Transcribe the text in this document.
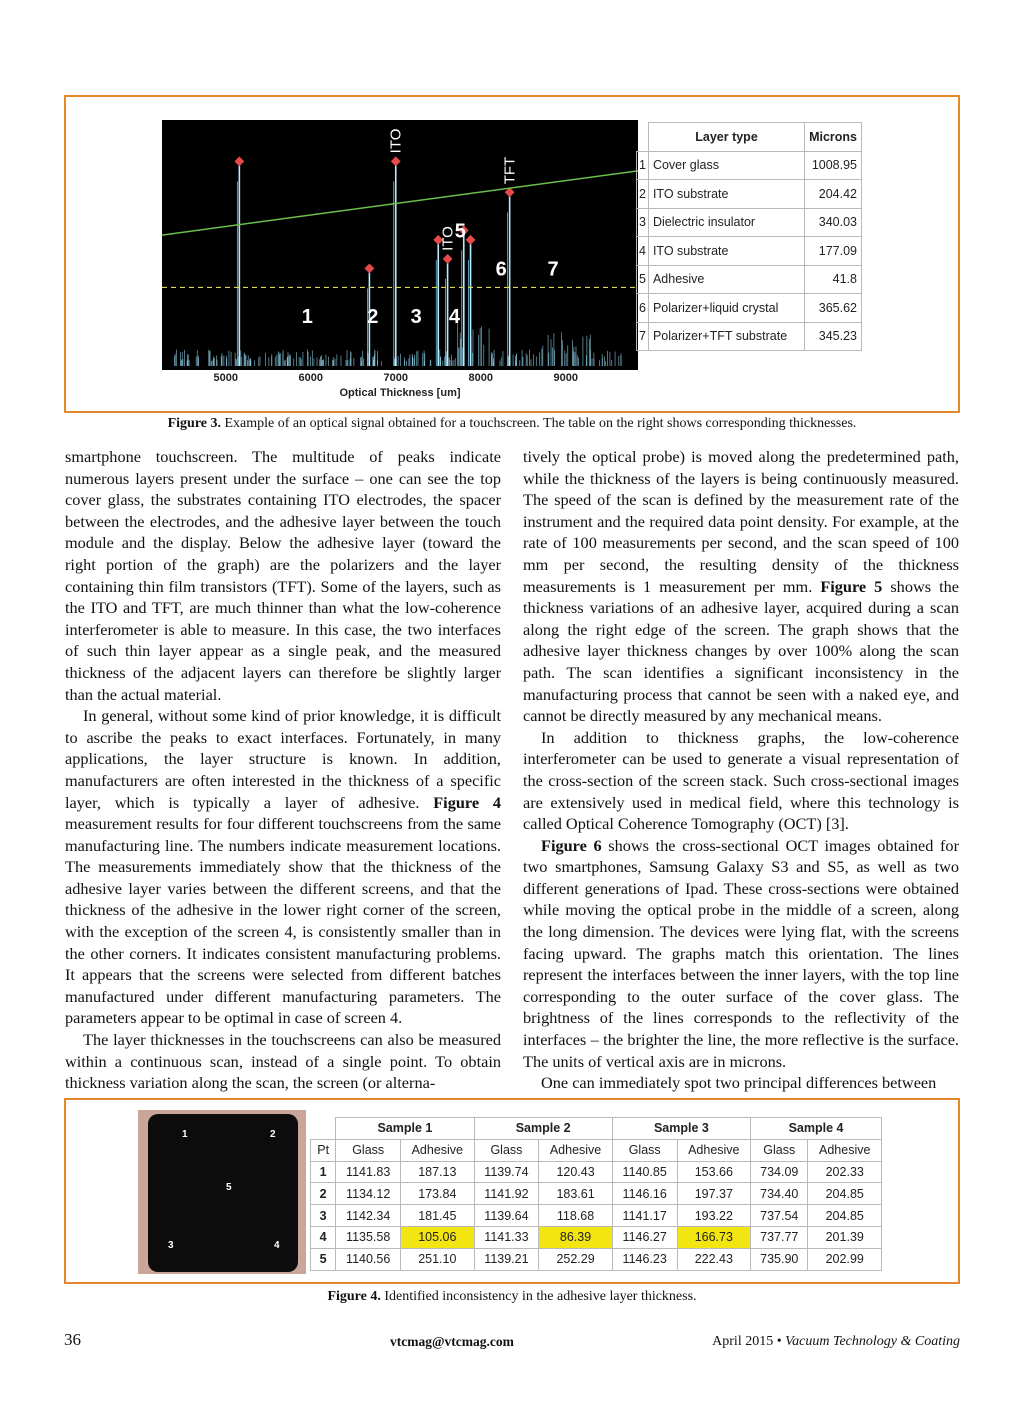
ITO
ITO
TFT
1	2 3 4
5
6 7
5000	6000	7000	8000	9000
Optical Thickness [um]
	Layer type	Microns
1	Cover glass	1008.95
2	ITO substrate	204.42
3	Dielectric insulator	340.03
4	ITO substrate	177.09
5	Adhesive	41.8
6	Polarizer+liquid crystal	365.62
7	Polarizer+TFT substrate	345.23
Figure 3. Example of an optical signal obtained for a touchscreen. The table on the right shows corresponding thicknesses.

smartphone touchscreen. The multitude of peaks indicate numerous layers present under the surface – one can see the top cover glass, the substrates containing ITO electrodes, the spacer between the electrodes, and the adhesive layer between the touch module and the display. Below the adhesive layer (toward the right portion of the graph) are the polarizers and the layer containing thin film transistors (TFT). Some of the layers, such as the ITO and TFT, are much thinner than what the low-coherence interferometer is able to measure. In this case, the two interfaces of such thin layer appear as a single peak, and the measured thickness of the adjacent layers can therefore be slightly larger than the actual material.

In general, without some kind of prior knowledge, it is difficult to ascribe the peaks to exact interfaces. Fortunately, in many applications, the layer structure is known. In addition, manufacturers are often interested in the thickness of a specific layer, which is typically a layer of adhesive. Figure 4 measurement results for four different touchscreens from the same manufacturing line. The numbers indicate measurement locations. The measurements immediately show that the thickness of the adhesive layer varies between the different screens, and that the thickness of the adhesive in the lower right corner of the screen, with the exception of the screen 4, is consistently smaller than in the other corners. It indicates consistent manufacturing problems. It appears that the screens were selected from different batches manufactured under different manufacturing parameters. The parameters appear to be optimal in case of screen 4.

The layer thicknesses in the touchscreens can also be measured within a continuous scan, instead of a single point. To obtain thickness variation along the scan, the screen (or alterna-

tively the optical probe) is moved along the predetermined path, while the thickness of the layers is being continuously measured. The speed of the scan is defined by the measurement rate of the instrument and the required data point density. For example, at the rate of 100 measurements per second, and the scan speed of 100 mm per second, the resulting density of the thickness measurements is 1 measurement per mm. Figure 5 shows the thickness variations of an adhesive layer, acquired during a scan along the right edge of the screen. The graph shows that the adhesive layer thickness changes by over 100% along the scan path. The scan identifies a significant inconsistency in the manufacturing process that cannot be seen with a naked eye, and cannot be directly measured by any mechanical means.

In addition to thickness graphs, the low-coherence interferometer can be used to generate a visual representation of the cross-section of the screen stack. Such cross-sectional images are extensively used in medical field, where this technology is called Optical Coherence Tomography (OCT) [3].

Figure 6 shows the cross-sectional OCT images obtained for two smartphones, Samsung Galaxy S3 and S5, as well as two different generations of Ipad. These cross-sections were obtained while moving the optical probe in the middle of a screen, along the long dimension. The devices were lying flat, with the screens facing upward. The graphs match this orientation. The lines represent the interfaces between the inner layers, with the top line corresponding to the outer surface of the cover glass. The brightness of the lines corresponds to the reflectivity of the interfaces – the brighter the line, the more reflective is the surface. The units of vertical axis are in microns.

One can immediately spot two principal differences between

1	2
5
3	4
	Sample 1		Sample 2		Sample 3		Sample 4	
Pt	Glass	Adhesive	Glass	Adhesive	Glass	Adhesive	Glass	Adhesive
1	1141.83	187.13	1139.74	120.43	1140.85	153.66	734.09	202.33
2	1134.12	173.84	1141.92	183.61	1146.16	197.37	734.40	204.85
3	1142.34	181.45	1139.64	118.68	1141.17	193.22	737.54	204.85
4	1135.58	105.06	1141.33	86.39	1146.27	166.73	737.77	201.39
5	1140.56	251.10	1139.21	252.29	1146.23	222.43	735.90	202.99
Figure 4. Identified inconsistency in the adhesive layer thickness.
36	vtcmag@vtcmag.com	April 2015 • Vacuum Technology & Coating
